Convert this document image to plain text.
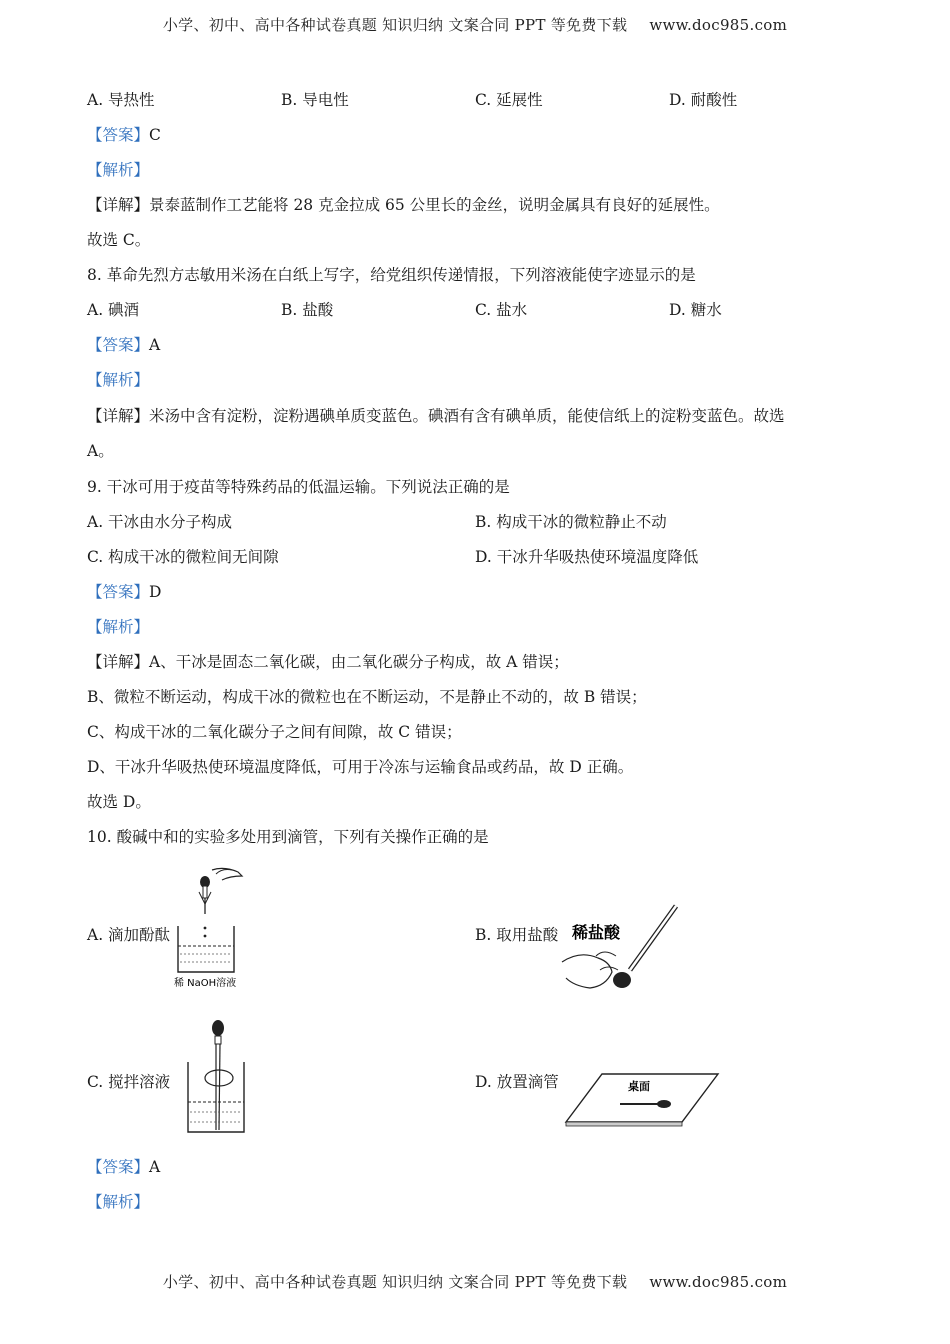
小学、初中、高中各种试卷真题 知识归纳 文案合同 PPT 等免费下载 www.doc985.com
A. 导热性	B. 导电性	C. 延展性	D. 耐酸性
【答案】C
【解析】
【详解】景泰蓝制作工艺能将 28 克金拉成 65 公里长的金丝，说明金属具有良好的延展性。
故选 C。
8. 革命先烈方志敏用米汤在白纸上写字，给党组织传递情报，下列溶液能使字迹显示的是
A. 碘酒	B. 盐酸	C. 盐水	D. 糖水
【答案】A
【解析】
【详解】米汤中含有淀粉，淀粉遇碘单质变蓝色。碘酒有含有碘单质，能使信纸上的淀粉变蓝色。故选
A。
9. 干冰可用于疫苗等特殊药品的低温运输。下列说法正确的是
A. 干冰由水分子构成	B. 构成干冰的微粒静止不动
C. 构成干冰的微粒间无间隙	D. 干冰升华吸热使环境温度降低
【答案】D
【解析】
【详解】A、干冰是固态二氧化碳，由二氧化碳分子构成，故 A 错误；
B、微粒不断运动，构成干冰的微粒也在不断运动，不是静止不动的，故 B 错误；
C、构成干冰的二氧化碳分子之间有间隙，故 C 错误；
D、干冰升华吸热使环境温度降低，可用于冷冻与运输食品或药品，故 D 正确。
故选 D。
10. 酸碱中和的实验多处用到滴管，下列有关操作正确的是
A. 滴加酚酞	B. 取用盐酸
C. 搅拌溶液	D. 放置滴管
稀 NaOH溶液
稀盐酸
桌面
【答案】A
【解析】
小学、初中、高中各种试卷真题 知识归纳 文案合同 PPT 等免费下载 www.doc985.com
